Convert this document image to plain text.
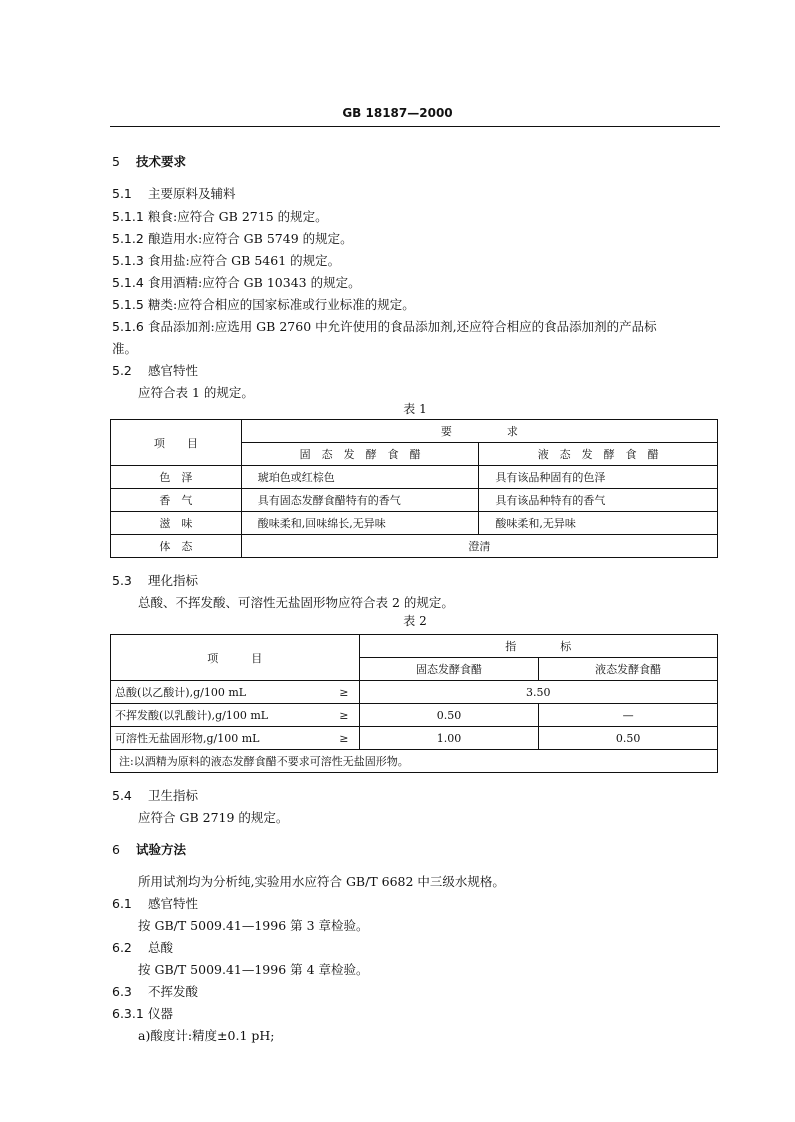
GB 18187—2000
5 技术要求
5.1 主要原料及辅料
5.1.1 粮食:应符合 GB 2715 的规定。
5.1.2 酿造用水:应符合 GB 5749 的规定。
5.1.3 食用盐:应符合 GB 5461 的规定。
5.1.4 食用酒精:应符合 GB 10343 的规定。
5.1.5 糖类:应符合相应的国家标准或行业标准的规定。
5.1.6 食品添加剂:应选用 GB 2760 中允许使用的食品添加剂,还应符合相应的食品添加剂的产品标
准。
5.2 感官特性
应符合表 1 的规定。
表 1
项　　目	要　　　　　求	
	固　态　发　酵　食　醋	液　态　发　酵　食　醋
色　泽	琥珀色或红棕色	具有该品种固有的色泽
香　气	具有固态发酵食醋特有的香气	具有该品种特有的香气
滋　味	酸味柔和,回味绵长,无异味	酸味柔和,无异味
体　态	澄清	
5.3 理化指标
总酸、不挥发酸、可溶性无盐固形物应符合表 2 的规定。
表 2
项　　　目		指　　　　标	
		固态发酵食醋	液态发酵食醋
总酸(以乙酸计),g/100 mL	≥	3.50	
不挥发酸(以乳酸计),g/100 mL	≥	0.50	—
可溶性无盐固形物,g/100 mL	≥	1.00	0.50
注:以酒精为原料的液态发酵食醋不要求可溶性无盐固形物。			
5.4 卫生指标
应符合 GB 2719 的规定。
6 试验方法
所用试剂均为分析纯,实验用水应符合 GB/T 6682 中三级水规格。
6.1 感官特性
按 GB/T 5009.41—1996 第 3 章检验。
6.2 总酸
按 GB/T 5009.41—1996 第 4 章检验。
6.3 不挥发酸
6.3.1 仪器
a)酸度计:精度±0.1 pH;
